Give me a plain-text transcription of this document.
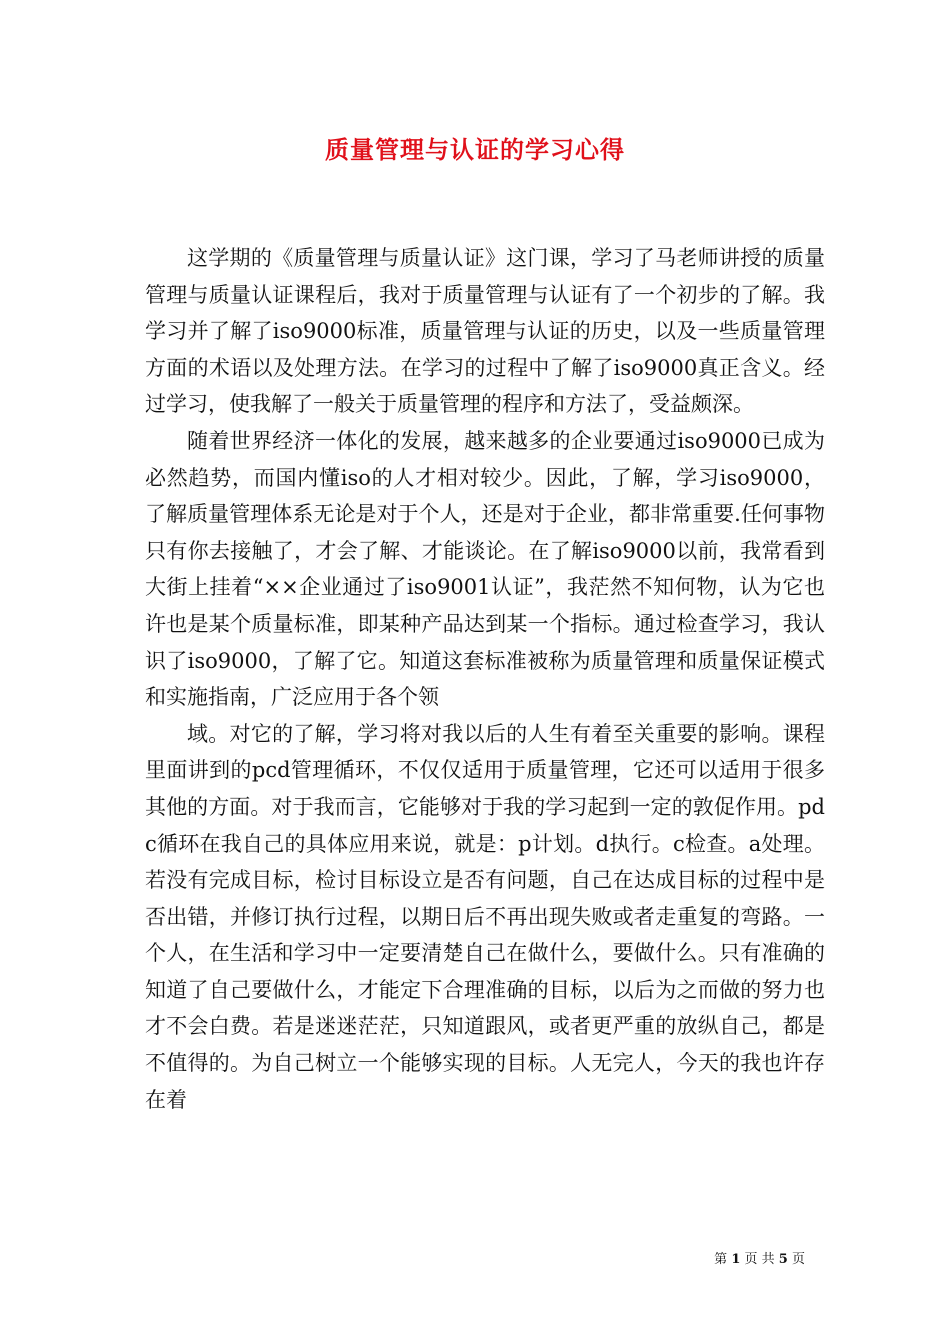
质量管理与认证的学习心得

这学期的《质量管理与质量认证》这门课，学习了马老师讲授的质量管理与质量认证课程后，我对于质量管理与认证有了一个初步的了解。我学习并了解了iso9000标准，质量管理与认证的历史，以及一些质量管理方面的术语以及处理方法。在学习的过程中了解了iso9000真正含义。经过学习，使我解了一般关于质量管理的程序和方法了，受益颇深。

随着世界经济一体化的发展，越来越多的企业要通过iso9000已成为必然趋势，而国内懂iso的人才相对较少。因此，了解，学习iso9000，了解质量管理体系无论是对于个人，还是对于企业，都非常重要.任何事物只有你去接触了，才会了解、才能谈论。在了解iso9000以前，我常看到大街上挂着“××企业通过了iso9001认证”，我茫然不知何物，认为它也许也是某个质量标准，即某种产品达到某一个指标。通过检查学习，我认识了iso9000，了解了它。知道这套标准被称为质量管理和质量保证模式和实施指南，广泛应用于各个领

域。对它的了解，学习将对我以后的人生有着至关重要的影响。课程里面讲到的pcd管理循环，不仅仅适用于质量管理，它还可以适用于很多其他的方面。对于我而言，它能够对于我的学习起到一定的敦促作用。pdc循环在我自己的具体应用来说，就是：p计划。d执行。c检查。a处理。若没有完成目标，检讨目标设立是否有问题，自己在达成目标的过程中是否出错，并修订执行过程，以期日后不再出现失败或者走重复的弯路。一个人，在生活和学习中一定要清楚自己在做什么，要做什么。只有准确的知道了自己要做什么，才能定下合理准确的目标，以后为之而做的努力也才不会白费。若是迷迷茫茫，只知道跟风，或者更严重的放纵自己，都是不值得的。为自己树立一个能够实现的目标。人无完人，今天的我也许存在着

第 1 页 共 5 页
